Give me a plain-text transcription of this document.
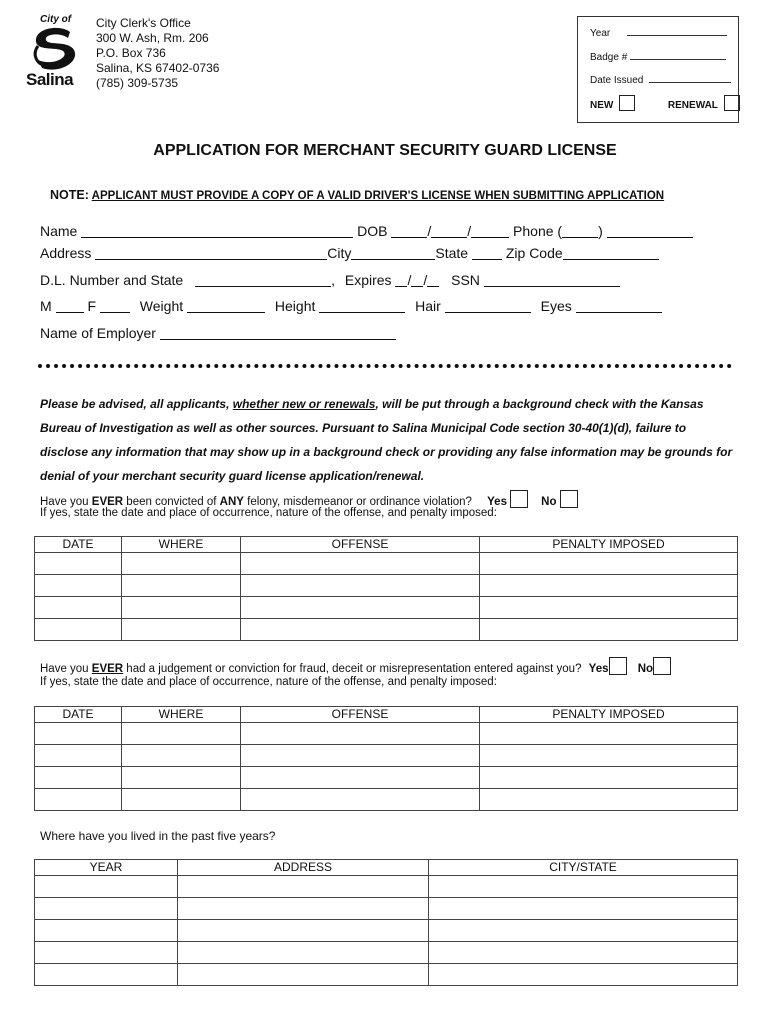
City of
Salina
City Clerk's Office
300 W. Ash, Rm. 206
P.O. Box 736
Salina, KS 67402-0736
(785) 309-5735
Year
Badge #
Date Issued
NEW	RENEWAL
APPLICATION FOR MERCHANT SECURITY GUARD LICENSE
NOTE: APPLICANT MUST PROVIDE A COPY OF A VALID DRIVER'S LICENSE WHEN SUBMITTING APPLICATION
Name	DOB	/	/	Phone (	)
Address	City	State	Zip Code
D.L. Number and State	, Expires / / SSN
M	F	Weight	Height	Hair	Eyes
Name of Employer
Please be advised, all applicants, whether new or renewals, will be put through a background check with the Kansas Bureau of Investigation as well as other sources. Pursuant to Salina Municipal Code section 30-40(1)(d), failure to disclose any information that may show up in a background check or providing any false information may be grounds for denial of your merchant security guard license application/renewal.
Have you EVER been convicted of ANY felony, misdemeanor or ordinance violation? Yes	No
If yes, state the date and place of occurrence, nature of the offense, and penalty imposed:
DATE	WHERE	OFFENSE	PENALTY IMPOSED

Have you EVER had a judgement or conviction for fraud, deceit or misrepresentation entered against you? Yes	No
If yes, state the date and place of occurrence, nature of the offense, and penalty imposed:
DATE	WHERE	OFFENSE	PENALTY IMPOSED

Where have you lived in the past five years?
YEAR	ADDRESS	CITY/STATE
